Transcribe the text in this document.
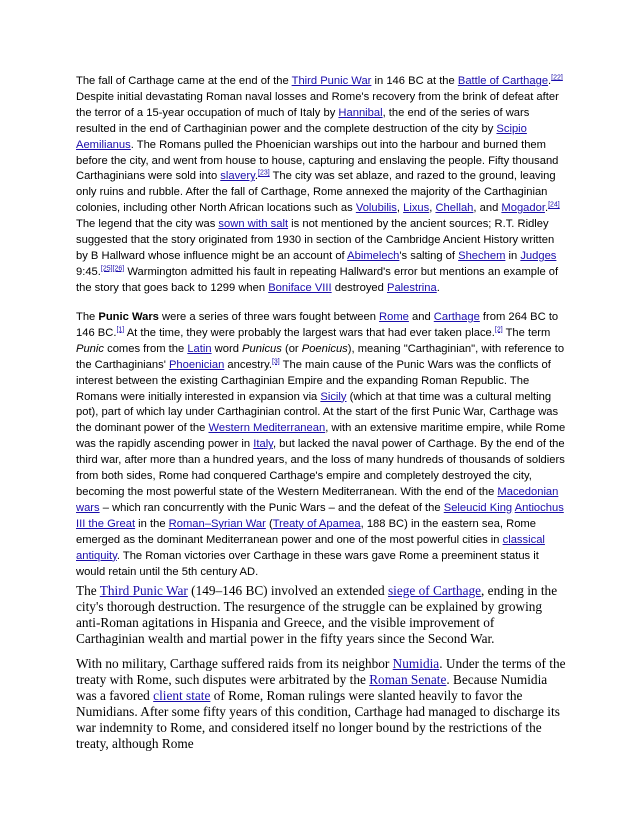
The fall of Carthage came at the end of the Third Punic War in 146 BC at the Battle of Carthage.[22] Despite initial devastating Roman naval losses and Rome's recovery from the brink of defeat after the terror of a 15-year occupation of much of Italy by Hannibal, the end of the series of wars resulted in the end of Carthaginian power and the complete destruction of the city by Scipio Aemilianus. The Romans pulled the Phoenician warships out into the harbour and burned them before the city, and went from house to house, capturing and enslaving the people. Fifty thousand Carthaginians were sold into slavery.[23] The city was set ablaze, and razed to the ground, leaving only ruins and rubble. After the fall of Carthage, Rome annexed the majority of the Carthaginian colonies, including other North African locations such as Volubilis, Lixus, Chellah, and Mogador.[24] The legend that the city was sown with salt is not mentioned by the ancient sources; R.T. Ridley suggested that the story originated from 1930 in section of the Cambridge Ancient History written by B Hallward whose influence might be an account of Abimelech's salting of Shechem in Judges 9:45.[25][26] Warmington admitted his fault in repeating Hallward's error but mentions an example of the story that goes back to 1299 when Boniface VIII destroyed Palestrina.

The Punic Wars were a series of three wars fought between Rome and Carthage from 264 BC to 146 BC.[1] At the time, they were probably the largest wars that had ever taken place.[2] The term Punic comes from the Latin word Punicus (or Poenicus), meaning "Carthaginian", with reference to the Carthaginians' Phoenician ancestry.[3] The main cause of the Punic Wars was the conflicts of interest between the existing Carthaginian Empire and the expanding Roman Republic. The Romans were initially interested in expansion via Sicily (which at that time was a cultural melting pot), part of which lay under Carthaginian control. At the start of the first Punic War, Carthage was the dominant power of the Western Mediterranean, with an extensive maritime empire, while Rome was the rapidly ascending power in Italy, but lacked the naval power of Carthage. By the end of the third war, after more than a hundred years, and the loss of many hundreds of thousands of soldiers from both sides, Rome had conquered Carthage's empire and completely destroyed the city, becoming the most powerful state of the Western Mediterranean. With the end of the Macedonian wars – which ran concurrently with the Punic Wars – and the defeat of the Seleucid King Antiochus III the Great in the Roman–Syrian War (Treaty of Apamea, 188 BC) in the eastern sea, Rome emerged as the dominant Mediterranean power and one of the most powerful cities in classical antiquity. The Roman victories over Carthage in these wars gave Rome a preeminent status it would retain until the 5th century AD.

The Third Punic War (149–146 BC) involved an extended siege of Carthage, ending in the city's thorough destruction. The resurgence of the struggle can be explained by growing anti-Roman agitations in Hispania and Greece, and the visible improvement of Carthaginian wealth and martial power in the fifty years since the Second War.

With no military, Carthage suffered raids from its neighbor Numidia. Under the terms of the treaty with Rome, such disputes were arbitrated by the Roman Senate. Because Numidia was a favored client state of Rome, Roman rulings were slanted heavily to favor the Numidians. After some fifty years of this condition, Carthage had managed to discharge its war indemnity to Rome, and considered itself no longer bound by the restrictions of the treaty, although Rome
